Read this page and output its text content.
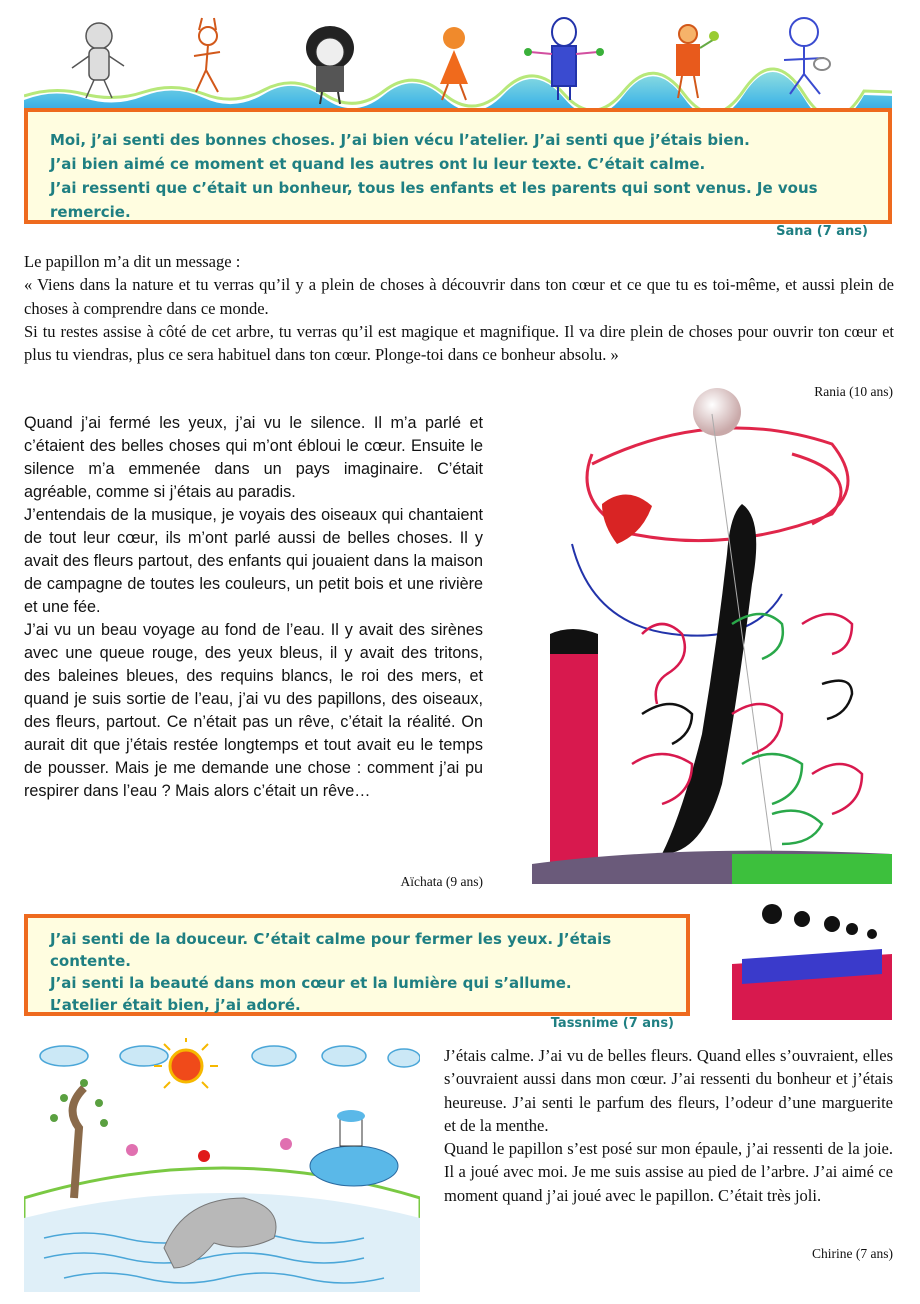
Moi, j’ai senti des bonnes choses. J’ai bien vécu l’atelier. J’ai senti que j’étais bien.

J’ai bien aimé ce moment et quand les autres ont lu leur texte. C’était calme.

J’ai ressenti que c’était un bonheur, tous les enfants et les parents qui sont venus. Je vous remercie.

Sana (7 ans)

Le papillon m’a dit un message :

« Viens dans la nature et tu verras qu’il y a plein de choses à découvrir dans ton cœur et ce que tu es toi-même, et aussi plein de choses à comprendre dans ce monde.

Si tu restes assise à côté de cet arbre, tu verras qu’il est magique et magnifique. Il va dire plein de choses pour ouvrir ton cœur et plus tu viendras, plus ce sera habituel dans ton cœur. Plonge-toi dans ce bonheur absolu. »

Rania (10 ans)

Quand j’ai fermé les yeux, j’ai vu le silence. Il m’a parlé et c’étaient des belles choses qui m’ont ébloui le cœur. Ensuite le silence m’a emmenée dans un pays imaginaire. C’était agréable, comme si j’étais au paradis.

J’entendais de la musique, je voyais des oiseaux qui chantaient de tout leur cœur, ils m’ont parlé aussi de belles choses. Il y avait des fleurs partout, des enfants qui jouaient dans la maison de campagne de toutes les couleurs, un petit bois et une rivière et une fée.

J’ai vu un beau voyage au fond de l’eau. Il y avait des sirènes avec une queue rouge, des yeux bleus, il y avait des tritons, des baleines bleues, des requins blancs, le roi des mers, et quand je suis sortie de l’eau, j’ai vu des papillons, des oiseaux, des fleurs, partout. Ce n’était pas un rêve, c’était la réalité. On aurait dit que j’étais restée longtemps et tout avait eu le temps de pousser. Mais je me demande une chose : comment j’ai pu respirer dans l’eau ? Mais alors c’était un rêve…

Aïchata (9 ans)

J’ai senti de la douceur. C’était calme pour fermer les yeux. J’étais contente.

J’ai senti la beauté dans mon cœur et la lumière qui s’allume.

L’atelier était bien, j’ai adoré.

Tassnime (7 ans)

J’étais calme. J’ai vu de belles fleurs. Quand elles s’ouvraient, elles s’ouvraient aussi dans mon cœur. J’ai ressenti du bonheur et j’étais heureuse. J’ai senti le parfum des fleurs, l’odeur d’une marguerite et de la menthe.

Quand le papillon s’est posé sur mon épaule, j’ai ressenti de la joie. Il a joué avec moi. Je me suis assise au pied de l’arbre. J’ai aimé ce moment quand j’ai joué avec le papillon. C’était très joli.

Chirine (7 ans)
